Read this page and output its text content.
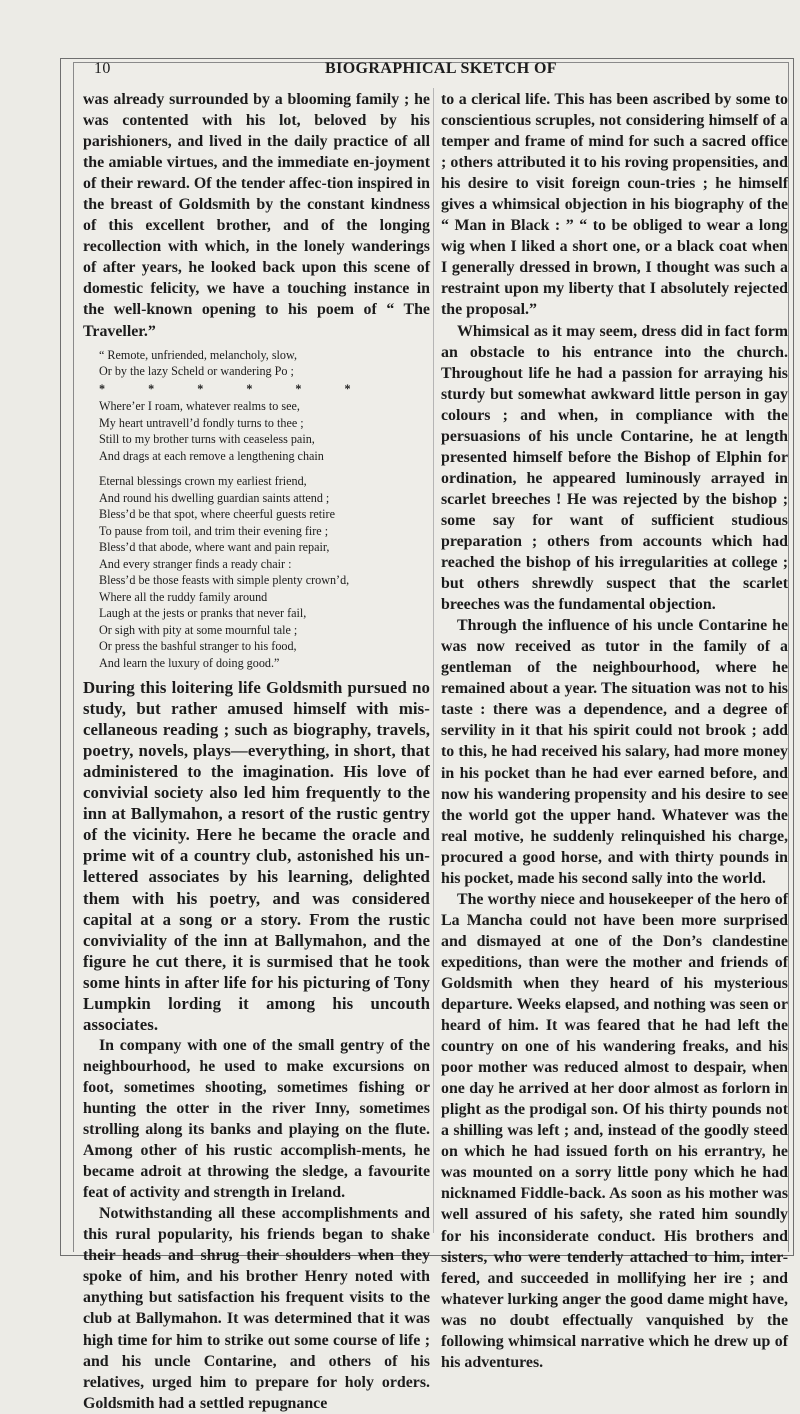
10	BIOGRAPHICAL SKETCH OF

was already surrounded by a blooming family ; he was contented with his lot, beloved by his parishioners, and lived in the daily practice of all the amiable virtues, and the immediate en-joyment of their reward. Of the tender affec-tion inspired in the breast of Goldsmith by the constant kindness of this excellent brother, and of the longing recollection with which, in the lonely wanderings of after years, he looked back upon this scene of domestic felicity, we have a touching instance in the well-known opening to his poem of “ The Traveller.”

“ Remote, unfriended, melancholy, slow,
Or by the lazy Scheld or wandering Po ;
* * * * * *
Where’er I roam, whatever realms to see,
My heart untravell’d fondly turns to thee ;
Still to my brother turns with ceaseless pain,
And drags at each remove a lengthening chain
Eternal blessings crown my earliest friend,
And round his dwelling guardian saints attend ;
Bless’d be that spot, where cheerful guests retire
To pause from toil, and trim their evening fire ;
Bless’d that abode, where want and pain repair,
And every stranger finds a ready chair :
Bless’d be those feasts with simple plenty crown’d,
Where all the ruddy family around
Laugh at the jests or pranks that never fail,
Or sigh with pity at some mournful tale ;
Or press the bashful stranger to his food,
And learn the luxury of doing good.”

During this loitering life Goldsmith pursued no study, but rather amused himself with mis-cellaneous reading ; such as biography, travels, poetry, novels, plays—everything, in short, that administered to the imagination. His love of convivial society also led him frequently to the inn at Ballymahon, a resort of the rustic gentry of the vicinity. Here he became the oracle and prime wit of a country club, astonished his un-lettered associates by his learning, delighted them with his poetry, and was considered capital at a song or a story. From the rustic conviviality of the inn at Ballymahon, and the figure he cut there, it is surmised that he took some hints in after life for his picturing of Tony Lumpkin lording it among his uncouth associates.

In company with one of the small gentry of the neighbourhood, he used to make excursions on foot, sometimes shooting, sometimes fishing or hunting the otter in the river Inny, sometimes strolling along its banks and playing on the flute. Among other of his rustic accomplish-ments, he became adroit at throwing the sledge, a favourite feat of activity and strength in Ireland.

Notwithstanding all these accomplishments and this rural popularity, his friends began to shake their heads and shrug their shoulders when they spoke of him, and his brother Henry noted with anything but satisfaction his frequent visits to the club at Ballymahon. It was determined that it was high time for him to strike out some course of life ; and his uncle Contarine, and others of his relatives, urged him to prepare for holy orders. Goldsmith had a settled repugnance

to a clerical life. This has been ascribed by some to conscientious scruples, not considering himself of a temper and frame of mind for such a sacred office ; others attributed it to his roving propensities, and his desire to visit foreign coun-tries ; he himself gives a whimsical objection in his biography of the “ Man in Black : ” “ to be obliged to wear a long wig when I liked a short one, or a black coat when I generally dressed in brown, I thought was such a restraint upon my liberty that I absolutely rejected the proposal.”

Whimsical as it may seem, dress did in fact form an obstacle to his entrance into the church. Throughout life he had a passion for arraying his sturdy but somewhat awkward little person in gay colours ; and when, in compliance with the persuasions of his uncle Contarine, he at length presented himself before the Bishop of Elphin for ordination, he appeared luminously arrayed in scarlet breeches ! He was rejected by the bishop ; some say for want of sufficient studious preparation ; others from accounts which had reached the bishop of his irregularities at college ; but others shrewdly suspect that the scarlet breeches was the fundamental objection.

Through the influence of his uncle Contarine he was now received as tutor in the family of a gentleman of the neighbourhood, where he remained about a year. The situation was not to his taste : there was a dependence, and a degree of servility in it that his spirit could not brook ; add to this, he had received his salary, had more money in his pocket than he had ever earned before, and now his wandering propensity and his desire to see the world got the upper hand. Whatever was the real motive, he suddenly relinquished his charge, procured a good horse, and with thirty pounds in his pocket, made his second sally into the world.

The worthy niece and housekeeper of the hero of La Mancha could not have been more surprised and dismayed at one of the Don’s clandestine expeditions, than were the mother and friends of Goldsmith when they heard of his mysterious departure. Weeks elapsed, and nothing was seen or heard of him. It was feared that he had left the country on one of his wandering freaks, and his poor mother was reduced almost to despair, when one day he arrived at her door almost as forlorn in plight as the prodigal son. Of his thirty pounds not a shilling was left ; and, instead of the goodly steed on which he had issued forth on his errantry, he was mounted on a sorry little pony which he had nicknamed Fiddle-back. As soon as his mother was well assured of his safety, she rated him soundly for his inconsiderate conduct. His brothers and sisters, who were tenderly attached to him, inter-fered, and succeeded in mollifying her ire ; and whatever lurking anger the good dame might have, was no doubt effectually vanquished by the following whimsical narrative which he drew up of his adventures.
